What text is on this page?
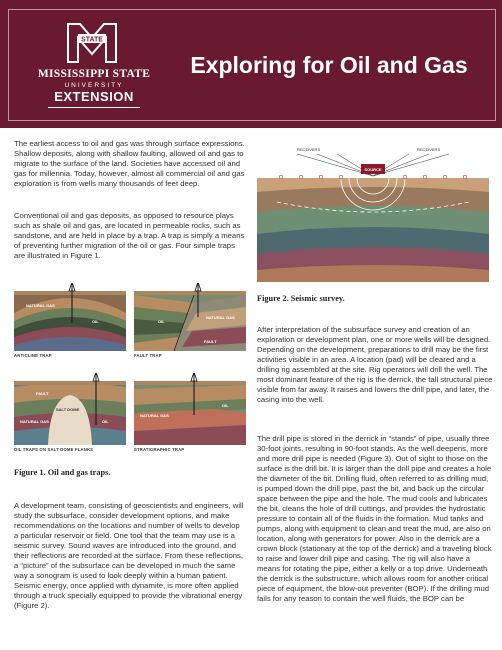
STATE
MISSISSIPPI STATE
UNIVERSITY
EXTENSION
Exploring for Oil and Gas

The earliest access to oil and gas was through surface expressions. Shallow deposits, along with shallow faulting, allowed oil and gas to migrate to the surface of the land. Societies have accessed oil and gas for millennia. Today, however, almost all commercial oil and gas exploration is from wells many thousands of feet deep.

Conventional oil and gas deposits, as opposed to resource plays such as shale oil and gas, are located in permeable rocks, such as sandstone, and are held in place by a trap. A trap is simply a means of preventing further migration of the oil or gas. Four simple traps are illustrated in Figure 1.

NATURAL GAS
OIL
ANTICLINE TRAP
OIL
NATURAL GAS
FAULT
FAULT TRAP
FAULT
SALT DOME
NATURAL GAS	OIL
OIL TRAPS ON SALT DOME FLANKS
NATURAL GAS
OIL
STRATIGRAPHIC TRAP

Figure 1. Oil and gas traps.

A development team, consisting of geoscientists and engineers, will study the subsurface, consider development options, and make recommendations on the locations and number of wells to develop a particular reservoir or field. One tool that the team may use is a seismic survey. Sound waves are introduced into the ground, and their reflections are recorded at the surface. From these reflections, a “picture” of the subsurface can be developed in much the same way a sonogram is used to look deeply within a human patient. Seismic energy, once applied with dynamite, is more often applied through a truck specially equipped to provide the vibrational energy (Figure 2).

SOURCE
RECEIVERS	RECEIVERS

Figure 2. Seismic survey.

After interpretation of the subsurface survey and creation of an exploration or development plan, one or more wells will be designed. Depending on the development, preparations to drill may be the first activities visible in an area. A location (pad) will be cleared and a drilling rig assembled at the site. Rig operators will drill the well. The most dominant feature of the rig is the derrick, the tall structural piece visible from far away. It raises and lowers the drill pipe, and later, the casing into the well.

The drill pipe is stored in the derrick in “stands” of pipe, usually three 30-foot joints, resulting in 90-foot stands. As the well deepens, more and more drill pipe is needed (Figure 3). Out of sight to those on the surface is the drill bit. It is larger than the drill pipe and creates a hole the diameter of the bit. Drilling fluid, often referred to as drilling mud, is pumped down the drill pipe, past the bit, and back up the circular space between the pipe and the hole. The mud cools and lubricates the bit, cleans the hole of drill cuttings, and provides the hydrostatic pressure to contain all of the fluids in the formation. Mud tanks and pumps, along with equipment to clean and treat the mud, are also on location, along with generators for power. Also in the derrick are a crown block (stationary at the top of the derrick) and a traveling block to raise and lower drill pipe and casing. The rig will also have a means for rotating the pipe, either a kelly or a top drive. Underneath the derrick is the substructure, which allows room for another critical piece of equipment, the blow-out preventer (BOP). If the drilling mud fails for any reason to contain the well fluids, the BOP can be
